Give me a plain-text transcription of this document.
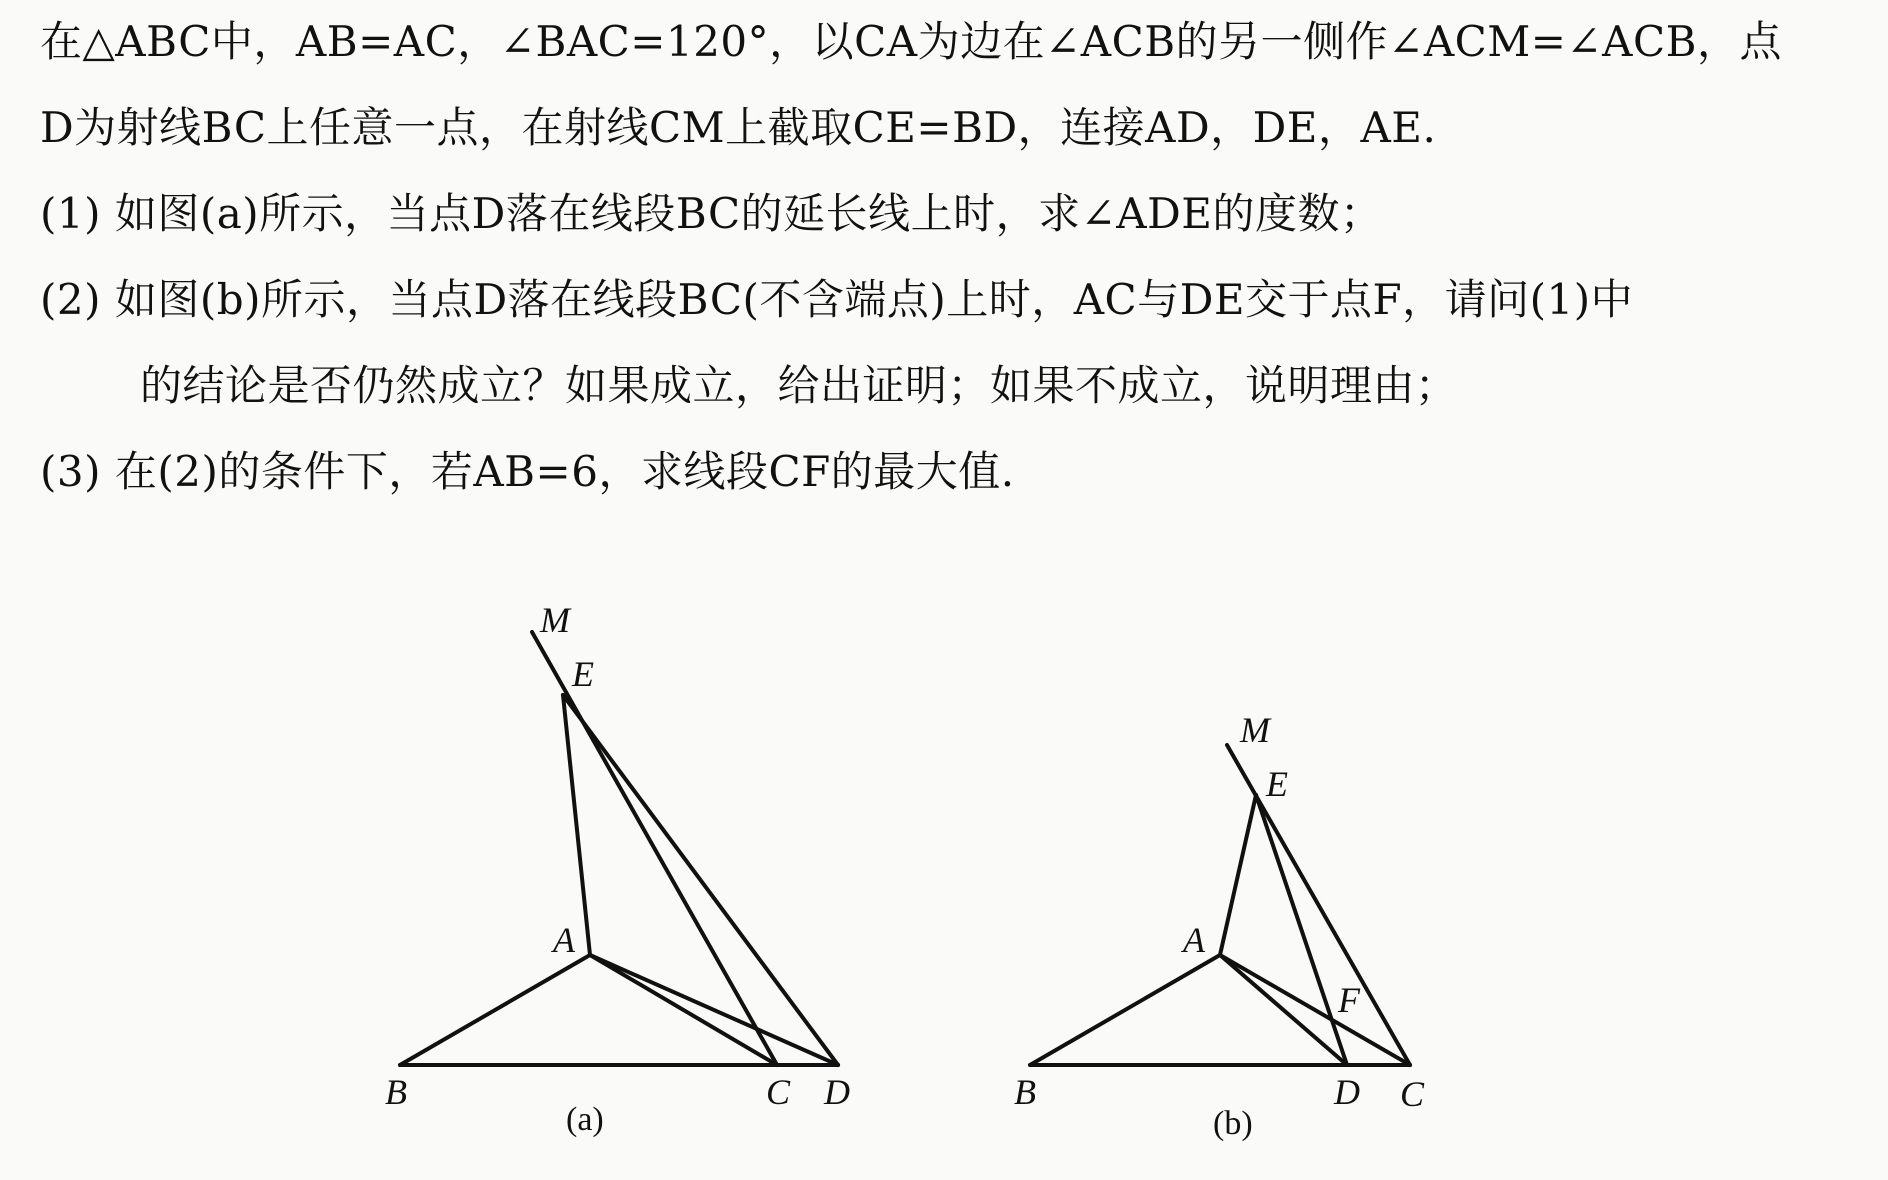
在△ABC中，AB=AC，∠BAC=120°，以CA为边在∠ACB的另一侧作∠ACM=∠ACB，点
D为射线BC上任意一点，在射线CM上截取CE=BD，连接AD，DE，AE.
(1) 如图(a)所示，当点D落在线段BC的延长线上时，求∠ADE的度数；
(2) 如图(b)所示，当点D落在线段BC(不含端点)上时，AC与DE交于点F，请问(1)中
的结论是否仍然成立？如果成立，给出证明；如果不成立，说明理由；
(3) 在(2)的条件下，若AB=6，求线段CF的最大值.
M
E
A
B	C D
(a)
M
E
A
F
B	D C
(b)
